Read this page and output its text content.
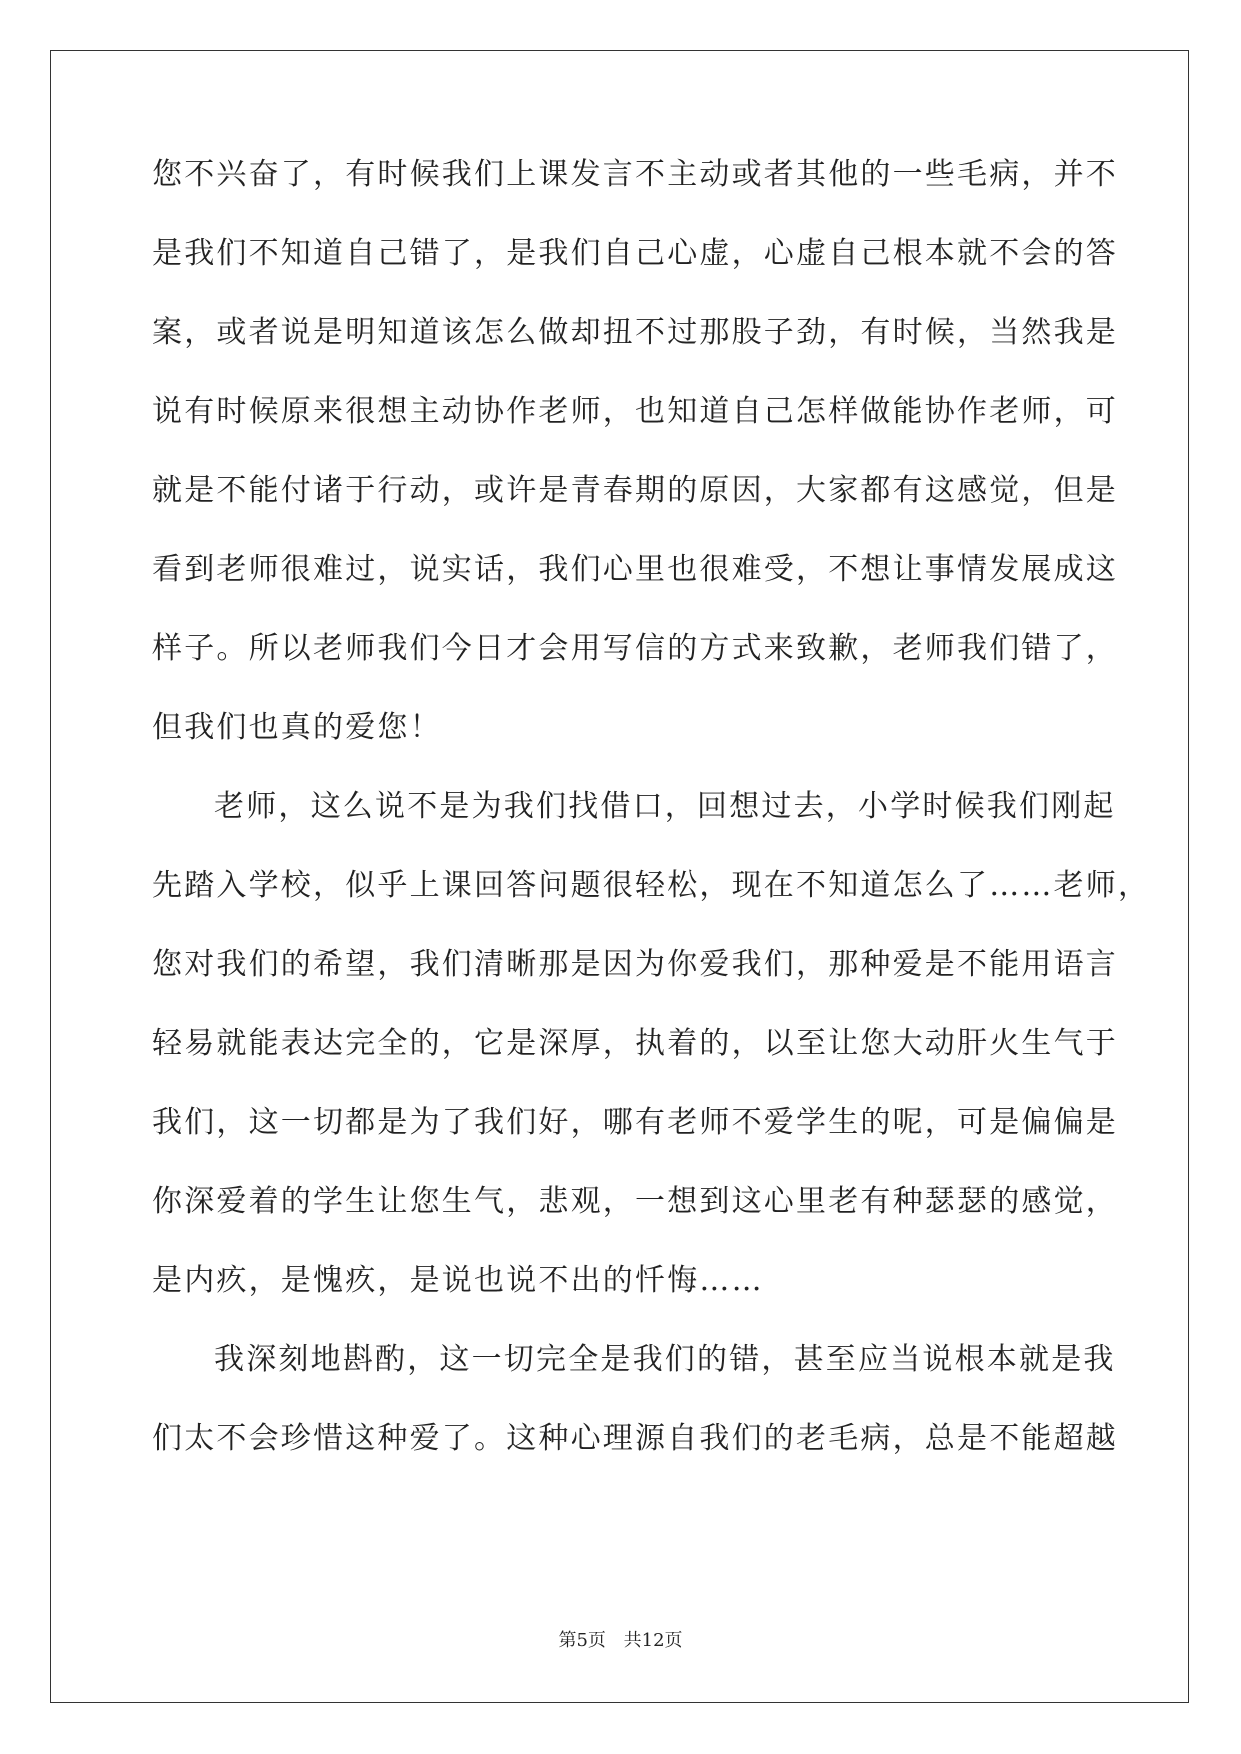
您不兴奋了，有时候我们上课发言不主动或者其他的一些毛病，并不
是我们不知道自己错了，是我们自己心虚，心虚自己根本就不会的答
案，或者说是明知道该怎么做却扭不过那股子劲，有时候，当然我是
说有时候原来很想主动协作老师，也知道自己怎样做能协作老师，可
就是不能付诸于行动，或许是青春期的原因，大家都有这感觉，但是
看到老师很难过，说实话，我们心里也很难受，不想让事情发展成这
样子。所以老师我们今日才会用写信的方式来致歉，老师我们错了，
但我们也真的爱您！
老师，这么说不是为我们找借口，回想过去，小学时候我们刚起
先踏入学校，似乎上课回答问题很轻松，现在不知道怎么了……老师，
您对我们的希望，我们清晰那是因为你爱我们，那种爱是不能用语言
轻易就能表达完全的，它是深厚，执着的，以至让您大动肝火生气于
我们，这一切都是为了我们好，哪有老师不爱学生的呢，可是偏偏是
你深爱着的学生让您生气，悲观，一想到这心里老有种瑟瑟的感觉，
是内疚，是愧疚，是说也说不出的忏悔……
我深刻地斟酌，这一切完全是我们的错，甚至应当说根本就是我
们太不会珍惜这种爱了。这种心理源自我们的老毛病，总是不能超越
第5页 共12页
